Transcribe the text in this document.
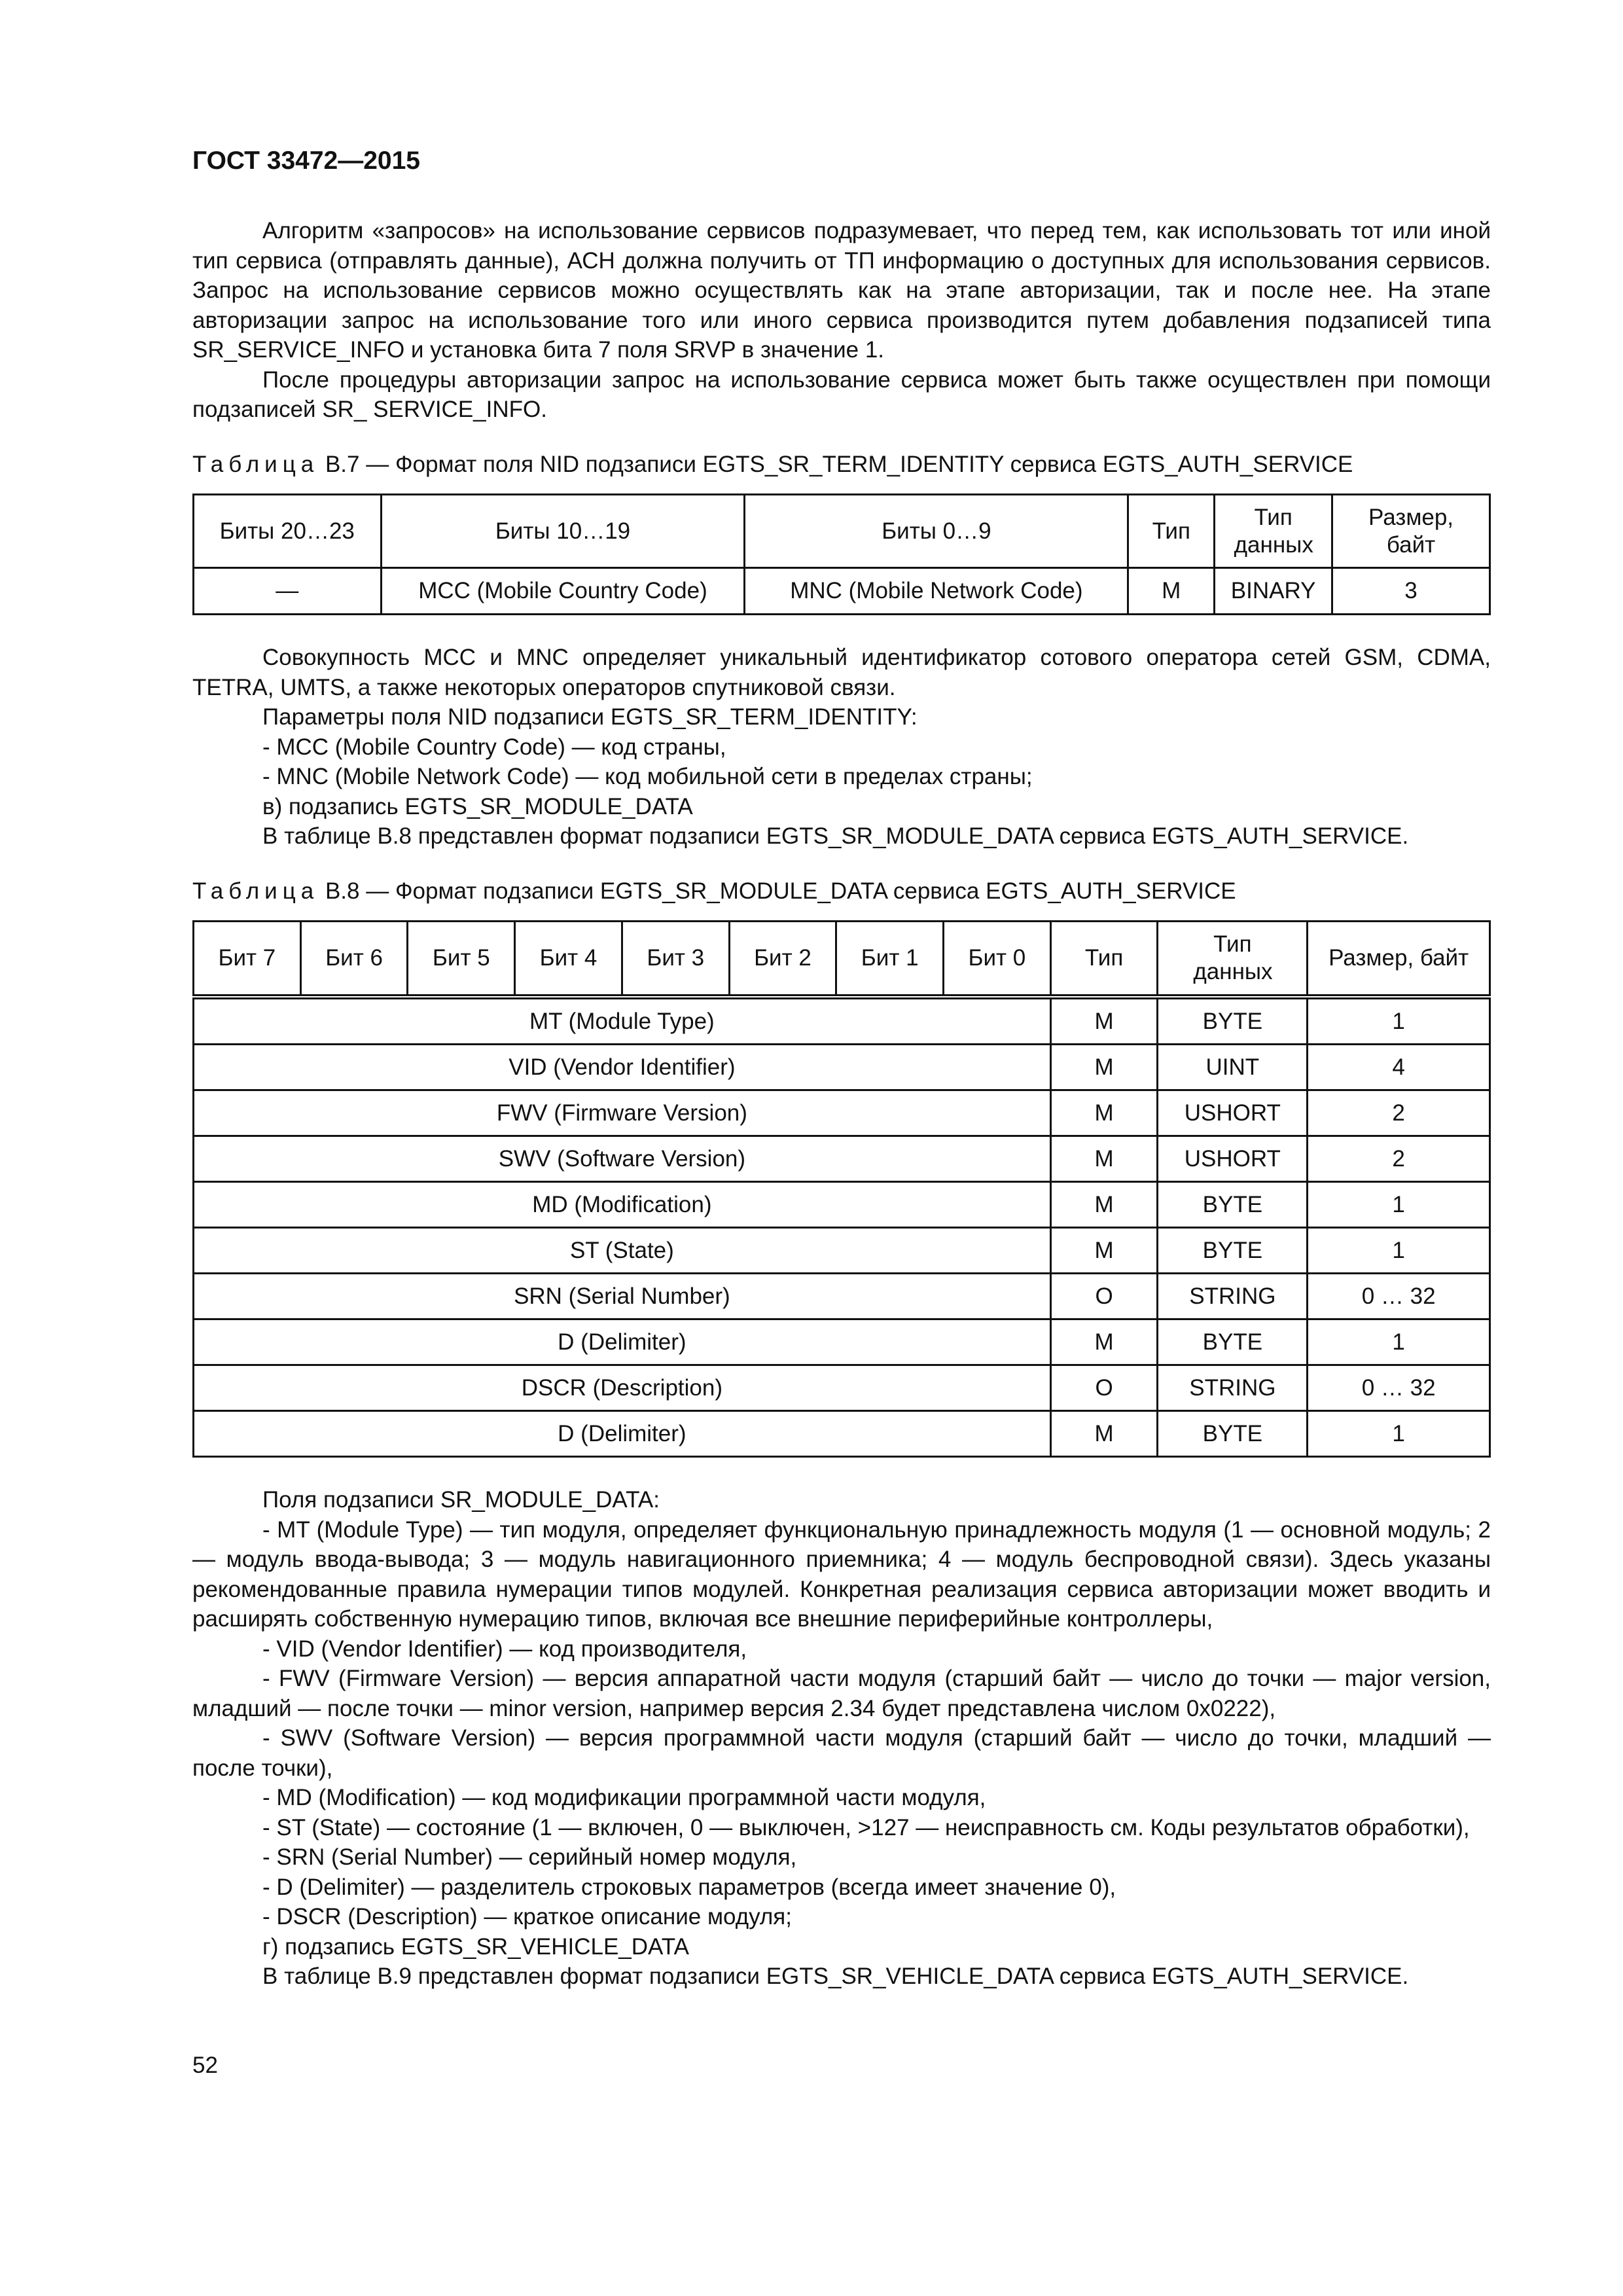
ГОСТ 33472—2015

Алгоритм «запросов» на использование сервисов подразумевает, что перед тем, как использовать тот или иной тип сервиса (отправлять данные), АСН должна получить от ТП информацию о доступных для использования сервисов. Запрос на использование сервисов можно осуществлять как на этапе авторизации, так и после нее. На этапе авторизации запрос на использование того или иного сервиса производится путем добавления подзаписей типа SR_SERVICE_INFO и установка бита 7 поля SRVP в значение 1.

После процедуры авторизации запрос на использование сервиса может быть также осуществлен при помощи подзаписей SR_ SERVICE_INFO.

Таблица В.7 — Формат поля NID подзаписи EGTS_SR_TERM_IDENTITY сервиса EGTS_AUTH_SERVICE
Биты 20…23	Биты 10…19	Биты 0…9	Тип	Тип данных	Размер, байт
—	MCC (Mobile Country Code)	MNC (Mobile Network Code)	M	BINARY	3

Совокупность MCC и MNC определяет уникальный идентификатор сотового оператора сетей GSM, CDMA, TETRA, UMTS, а также некоторых операторов спутниковой связи.

Параметры поля NID подзаписи EGTS_SR_TERM_IDENTITY:

- MCC (Mobile Country Code) — код страны,

- MNC (Mobile Network Code) — код мобильной сети в пределах страны;

в) подзапись EGTS_SR_MODULE_DATA

В таблице В.8 представлен формат подзаписи EGTS_SR_MODULE_DATA сервиса EGTS_AUTH_SERVICE.

Таблица В.8 — Формат подзаписи EGTS_SR_MODULE_DATA сервиса EGTS_AUTH_SERVICE
Бит 7	Бит 6	Бит 5	Бит 4	Бит 3	Бит 2	Бит 1	Бит 0	Тип	Тип данных	Размер, байт
MT (Module Type)								M	BYTE	1
VID (Vendor Identifier)								M	UINT	4
FWV (Firmware Version)								M	USHORT	2
SWV (Software Version)								M	USHORT	2
MD (Modification)								M	BYTE	1
ST (State)								M	BYTE	1
SRN (Serial Number)								O	STRING	0 … 32
D (Delimiter)								M	BYTE	1
DSCR (Description)								O	STRING	0 … 32
D (Delimiter)								M	BYTE	1

Поля подзаписи SR_MODULE_DATA:

- MT (Module Type) — тип модуля, определяет функциональную принадлежность модуля (1 — основной модуль; 2 — модуль ввода-вывода; 3 — модуль навигационного приемника; 4 — модуль беспроводной связи). Здесь указаны рекомендованные правила нумерации типов модулей. Конкретная реализация сервиса авторизации может вводить и расширять собственную нумерацию типов, включая все внешние периферийные контроллеры,

- VID (Vendor Identifier) — код производителя,

- FWV (Firmware Version) — версия аппаратной части модуля (старший байт — число до точки — major version, младший — после точки — minor version, например версия 2.34 будет представлена числом 0x0222),

- SWV (Software Version) — версия программной части модуля (старший байт — число до точки, младший — после точки),

- MD (Modification) — код модификации программной части модуля,

- ST (State) — состояние (1 — включен, 0 — выключен, >127 — неисправность см. Коды результатов обработки),

- SRN (Serial Number) — серийный номер модуля,

- D (Delimiter) — разделитель строковых параметров (всегда имеет значение 0),

- DSCR (Description) — краткое описание модуля;

г) подзапись EGTS_SR_VEHICLE_DATA

В таблице В.9 представлен формат подзаписи EGTS_SR_VEHICLE_DATA сервиса EGTS_AUTH_SERVICE.

52
